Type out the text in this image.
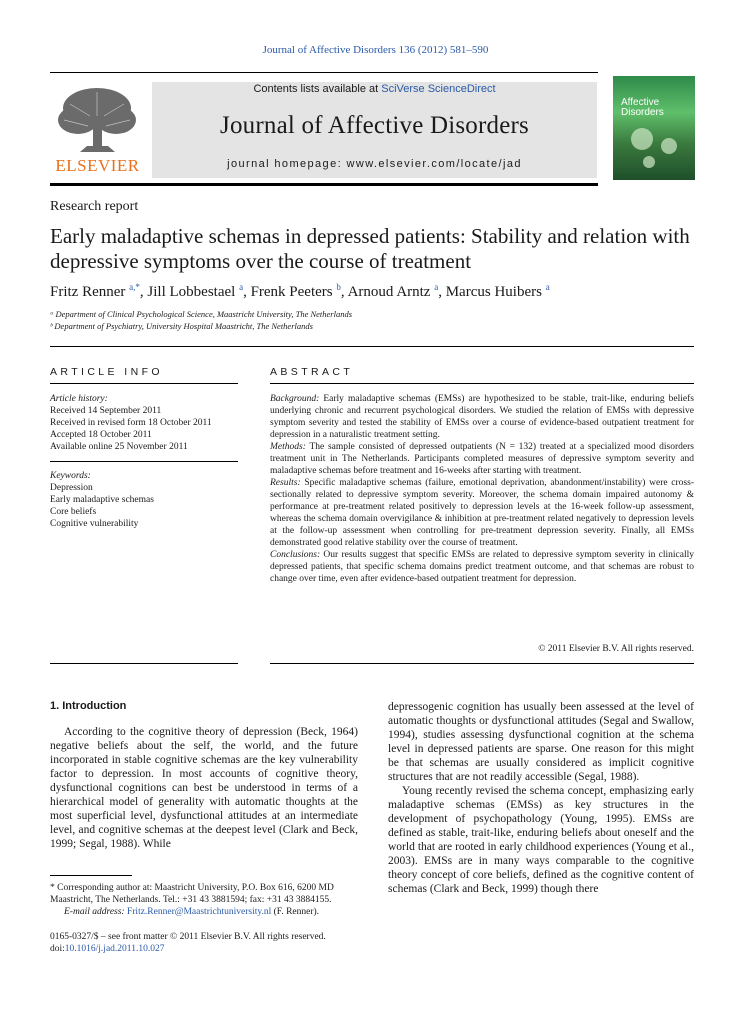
Journal of Affective Disorders 136 (2012) 581–590
ELSEVIER
Contents lists available at SciVerse ScienceDirect
Journal of Affective Disorders
journal homepage: www.elsevier.com/locate/jad
Affective Disorders
Research report
Early maladaptive schemas in depressed patients: Stability and relation with depressive symptoms over the course of treatment
Fritz Renner $^{a,*}$, Jill Lobbestael $^a$, Frenk Peeters $^b$, Arnoud Arntz $^a$, Marcus Huibers $^a$
ᵃ Department of Clinical Psychological Science, Maastricht University, The Netherlands
ᵇ Department of Psychiatry, University Hospital Maastricht, The Netherlands
ARTICLE INFO	ABSTRACT
Article history:
Received 14 September 2011
Received in revised form 18 October 2011
Accepted 18 October 2011
Available online 25 November 2011
Keywords:
Depression
Early maladaptive schemas
Core beliefs
Cognitive vulnerability
Background: Early maladaptive schemas (EMSs) are hypothesized to be stable, trait-like, enduring beliefs underlying chronic and recurrent psychological disorders. We studied the relation of EMSs with depressive symptom severity and tested the stability of EMSs over a course of evidence-based outpatient treatment for depression in a naturalistic treatment setting.
Methods: The sample consisted of depressed outpatients (N = 132) treated at a specialized mood disorders treatment unit in The Netherlands. Participants completed measures of depressive symptom severity and maladaptive schemas before treatment and 16-weeks after starting with treatment.
Results: Specific maladaptive schemas (failure, emotional deprivation, abandonment/instability) were cross-sectionally related to depressive symptom severity. Moreover, the schema domain impaired autonomy & performance at pre-treatment related positively to depression levels at the 16-week follow-up assessment, whereas the schema domain overvigilance & inhibition at pre-treatment related negatively to depression levels at the follow-up assessment when controlling for pre-treatment depression severity. Finally, all EMSs demonstrated good relative stability over the course of treatment.
Conclusions: Our results suggest that specific EMSs are related to depressive symptom severity in clinically depressed patients, that specific schema domains predict treatment outcome, and that schemas are robust to change over time, even after evidence-based outpatient treatment for depression.
© 2011 Elsevier B.V. All rights reserved.
1. Introduction

According to the cognitive theory of depression (Beck, 1964) negative beliefs about the self, the world, and the future incorporated in stable cognitive schemas are the key vulnerability factor to depression. In most accounts of cognitive theory, dysfunctional cognitions can best be understood in terms of a hierarchical model of generality with automatic thoughts at the most superficial level, dysfunctional attitudes at an intermediate level, and cognitive schemas at the deepest level (Clark and Beck, 1999; Segal, 1988). While

depressogenic cognition has usually been assessed at the level of automatic thoughts or dysfunctional attitudes (Segal and Swallow, 1994), studies assessing dysfunctional cognition at the schema level in depressed patients are sparse. One reason for this might be that schemas are usually considered as implicit cognitive structures that are not readily accessible (Segal, 1988).

Young recently revised the schema concept, emphasizing early maladaptive schemas (EMSs) as key structures in the development of psychopathology (Young, 1995). EMSs are defined as stable, trait-like, enduring beliefs about oneself and the world that are rooted in early childhood experiences (Young et al., 2003). EMSs are in many ways comparable to the cognitive theory concept of core beliefs, defined as the cognitive content of schemas (Clark and Beck, 1999) though there

* Corresponding author at: Maastricht University, P.O. Box 616, 6200 MD Maastricht, The Netherlands. Tel.: +31 43 3881594; fax: +31 43 3884155.
E-mail address: Fritz.Renner@Maastrichtuniversity.nl (F. Renner).
0165-0327/$ – see front matter © 2011 Elsevier B.V. All rights reserved.
doi:10.1016/j.jad.2011.10.027
